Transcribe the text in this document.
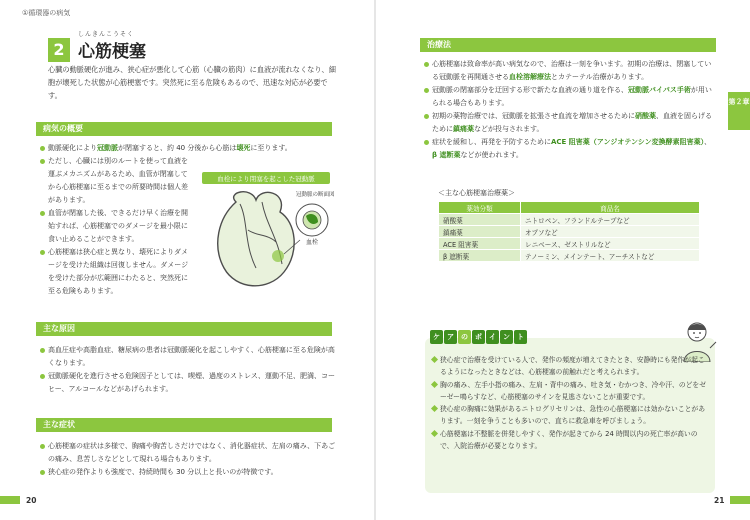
①循環器の病気
2
しんきんこうそく
心筋梗塞

心臓の動脈硬化が進み、狭心症が悪化して心筋（心臓の筋肉）に血液が流れなくなり、細胞が壊死した状態が心筋梗塞です。突然死に至る危険もあるので、迅速な対応が必要です。

病気の概要
動脈硬化により冠動脈が閉塞すると、約 40 分後から心筋は壊死に至ります。
ただし、心臓には別のルートを使って血液を運ぶメカニズムがあるため、血管が閉塞してから心筋梗塞に至るまでの所要時間は個人差があります。
血管が閉塞した後、できるだけ早く治療を開始すれば、心筋梗塞でのダメージを最小限に食い止めることができます。
心筋梗塞は狭心症と異なり、壊死によりダメージを受けた組織は回復しません。ダメージを受けた部分が広範囲にわたると、突然死に至る危険もあります。
血栓により閉塞を起こした冠動脈
冠動脈の断面図
血栓
主な原因
高血圧症や高脂血症、糖尿病の患者は冠動脈硬化を起こしやすく、心筋梗塞に至る危険が高くなります。
冠動脈硬化を進行させる危険因子としては、喫煙、過度のストレス、運動不足、肥満、コーヒー、アルコールなどがあげられます。
主な症状
心筋梗塞の症状は多様で、胸痛や胸苦しさだけではなく、消化器症状、左肩の痛み、下あごの痛み、息苦しさなどとして現れる場合もあります。
狭心症の発作よりも強度で、持続時間も 30 分以上と長いのが特徴です。
20
治療法
心筋梗塞は致命率が高い病気なので、治療は一刻を争います。初期の治療は、閉塞している冠動脈を再開通させる血栓溶解療法とカテーテル治療があります。
冠動脈の閉塞部分を迂回する形で新たな血液の通り道を作る、冠動脈バイパス手術が用いられる場合もあります。
初期の薬物治療では、冠動脈を拡張させ血流を増加させるために硝酸薬、血液を固らげるために鎮痛薬などが投与されます。
症状を緩和し、再発を予防するためにACE 阻害薬（アンジオテンシン変換酵素阻害薬）、β 遮断薬などが使われます。
＜主な心筋梗塞治療薬＞
薬効分類	商品名
硝酸薬	ニトロペン、フランドルテープなど
鎮痛薬	オプソなど
ACE 阻害薬	レニベース、ゼストリルなど
β 遮断薬	テノーミン、メインテート、アーチストなど
第２章
21
ケ	ア	の	ポ	イ	ン	ト
狭心症で治療を受けている人で、発作の頻度が増えてきたとき、安静時にも発作が起こるようになったときなどは、心筋梗塞の前触れだと考えられます。
胸の痛み、左手小指の痛み、左肩・背中の痛み、吐き気・むかつき、冷や汗、のどをゼーゼー鳴らすなど、心筋梗塞のサインを見逃さないことが重要です。
狭心症の胸痛に効果があるニトログリセリンは、急性の心筋梗塞には効かないことがあります。一刻を争うことも多いので、直ちに救急車を呼びましょう。
心筋梗塞は不整脈を併発しやすく、発作が起きてから 24 時間以内の死亡率が高いので、入院治療が必要となります。
